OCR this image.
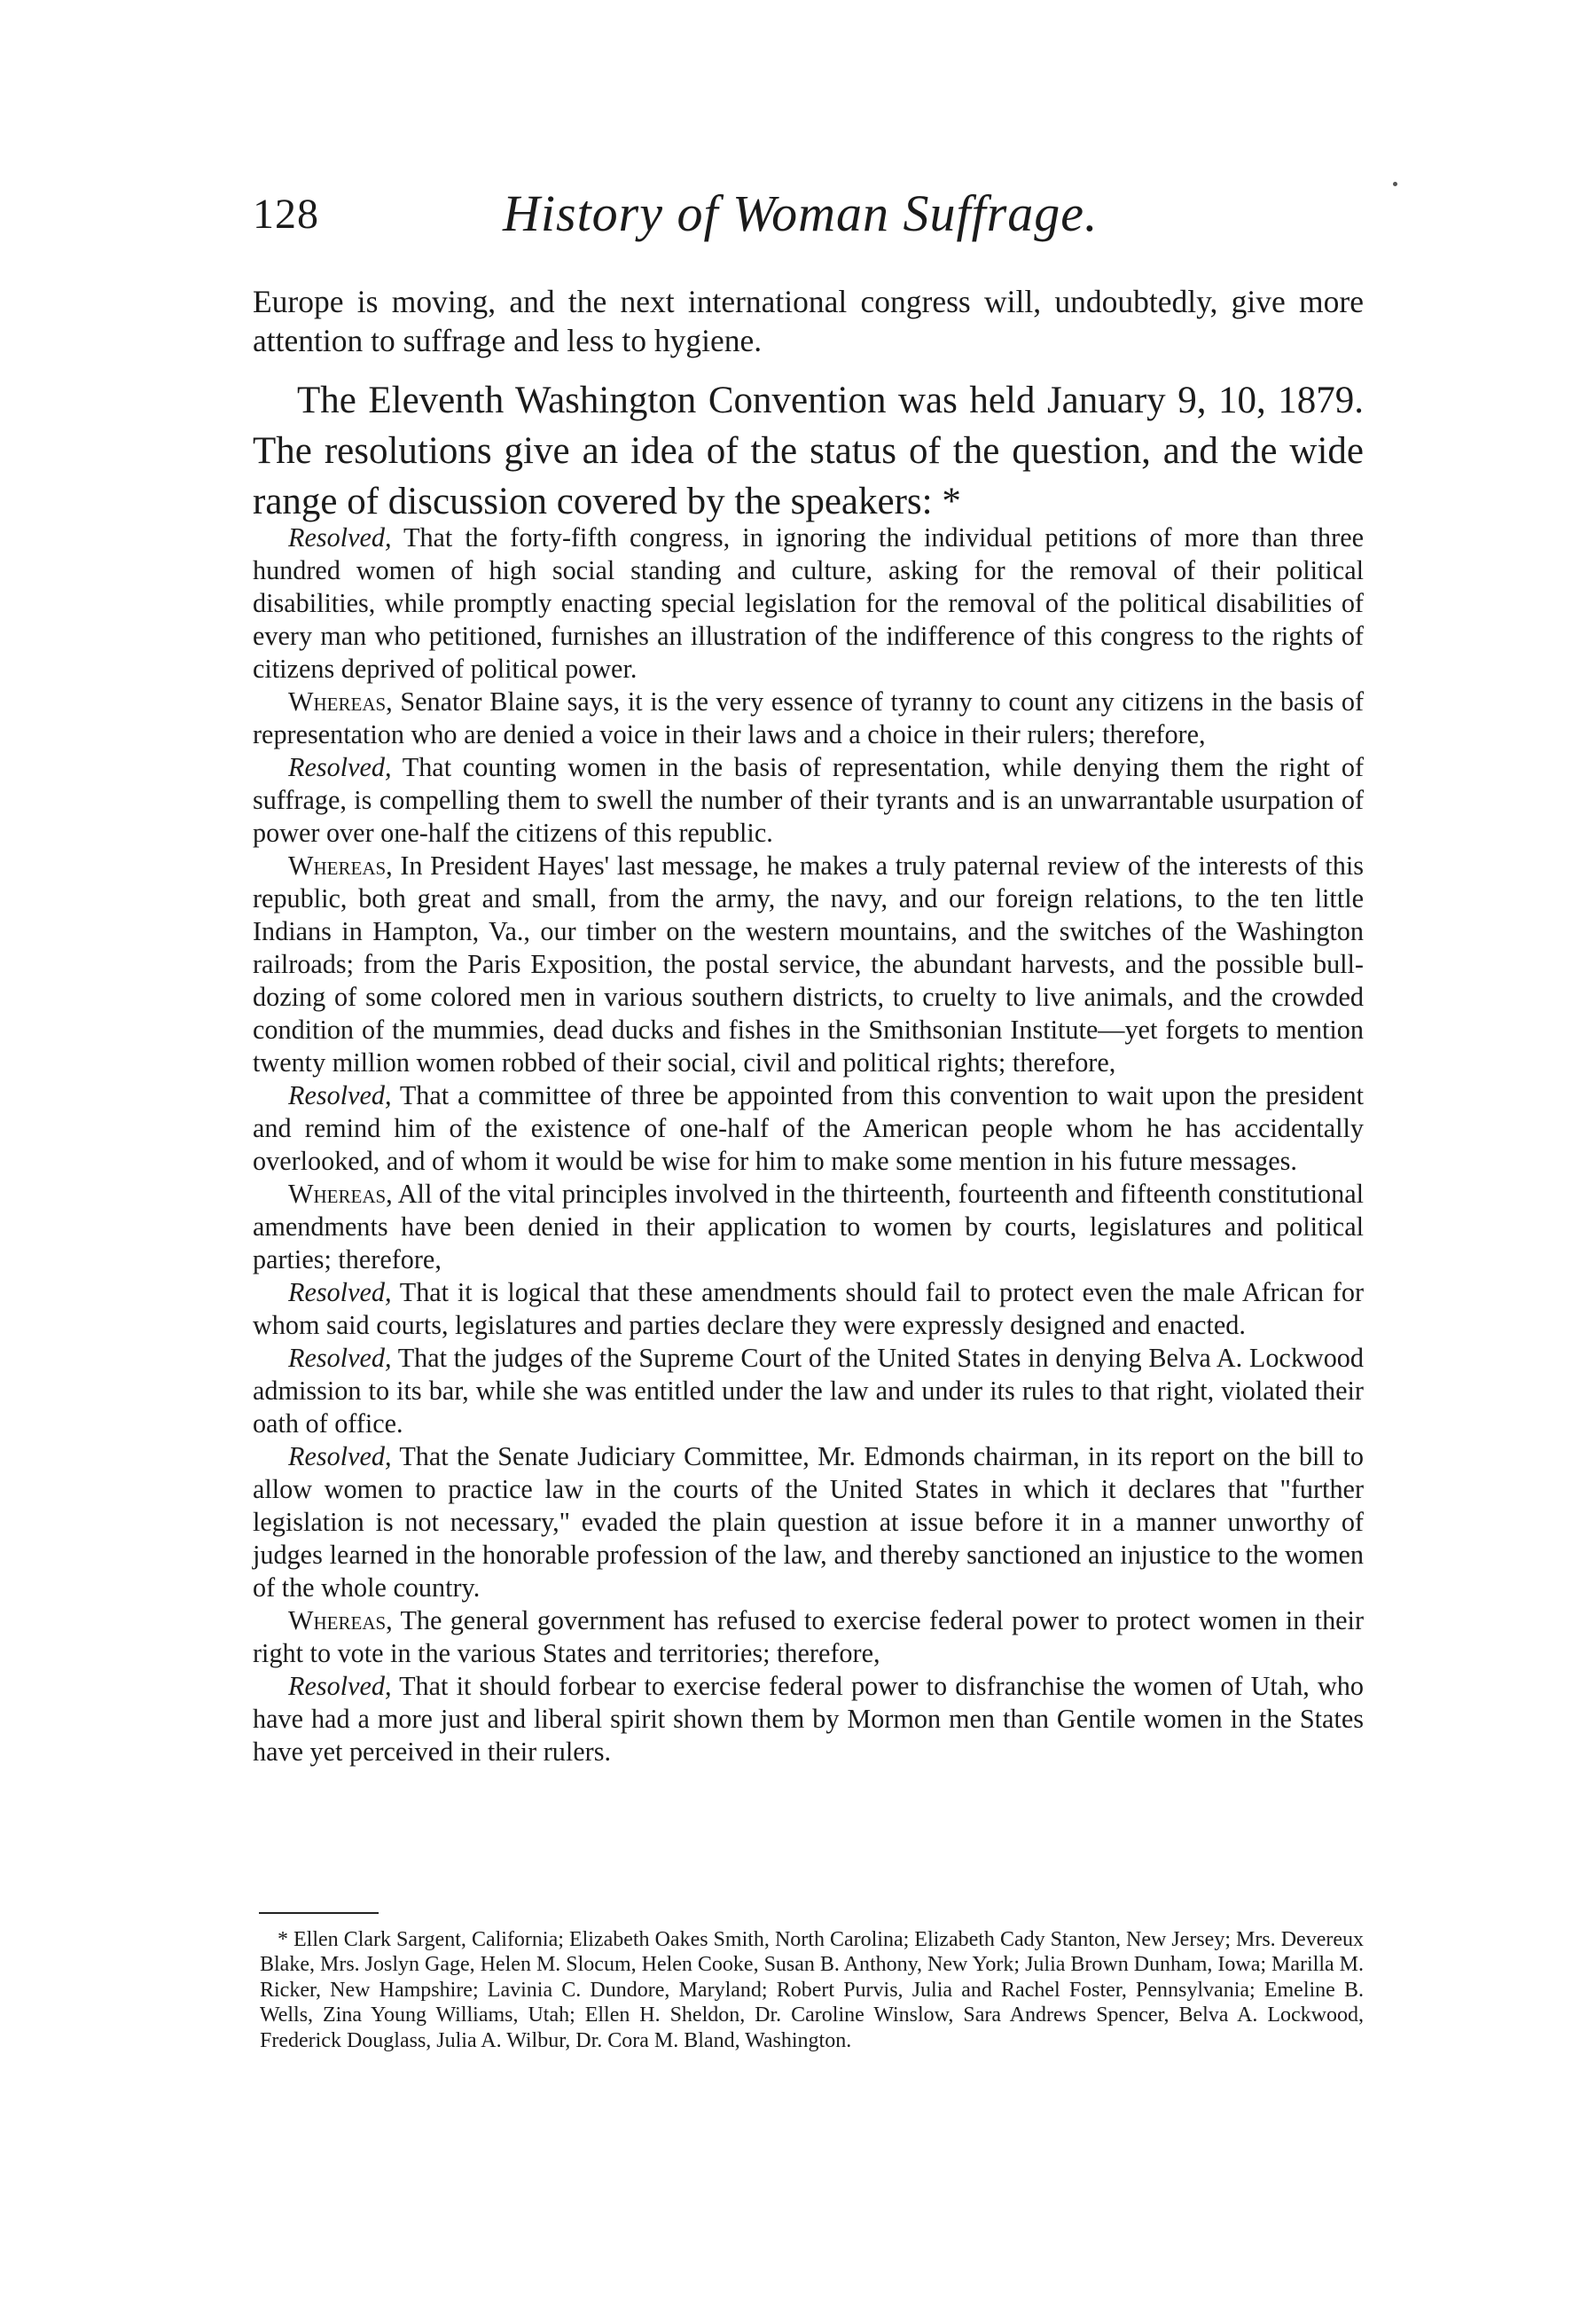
128	History of Woman Suffrage.

Europe is moving, and the next international congress will, undoubtedly, give more attention to suffrage and less to hygiene.

The Eleventh Washington Convention was held January 9, 10, 1879. The resolutions give an idea of the status of the question, and the wide range of discussion covered by the speakers: *

Resolved, That the forty-fifth congress, in ignoring the individual petitions of more than three hundred women of high social standing and culture, asking for the removal of their political disabilities, while promptly enacting special legislation for the removal of the political disabilities of every man who petitioned, furnishes an illustration of the indifference of this congress to the rights of citizens deprived of political power.

Whereas, Senator Blaine says, it is the very essence of tyranny to count any citizens in the basis of representation who are denied a voice in their laws and a choice in their rulers; therefore,

Resolved, That counting women in the basis of representation, while denying them the right of suffrage, is compelling them to swell the number of their tyrants and is an unwarrantable usurpation of power over one-half the citizens of this republic.

Whereas, In President Hayes' last message, he makes a truly paternal review of the interests of this republic, both great and small, from the army, the navy, and our foreign relations, to the ten little Indians in Hampton, Va., our timber on the western mountains, and the switches of the Washington railroads; from the Paris Exposition, the postal service, the abundant harvests, and the possible bull-dozing of some colored men in various southern districts, to cruelty to live animals, and the crowded condition of the mummies, dead ducks and fishes in the Smithsonian Institute—yet forgets to mention twenty million women robbed of their social, civil and political rights; therefore,

Resolved, That a committee of three be appointed from this convention to wait upon the president and remind him of the existence of one-half of the American people whom he has accidentally overlooked, and of whom it would be wise for him to make some mention in his future messages.

Whereas, All of the vital principles involved in the thirteenth, fourteenth and fifteenth constitutional amendments have been denied in their application to women by courts, legislatures and political parties; therefore,

Resolved, That it is logical that these amendments should fail to protect even the male African for whom said courts, legislatures and parties declare they were expressly designed and enacted.

Resolved, That the judges of the Supreme Court of the United States in denying Belva A. Lockwood admission to its bar, while she was entitled under the law and under its rules to that right, violated their oath of office.

Resolved, That the Senate Judiciary Committee, Mr. Edmonds chairman, in its report on the bill to allow women to practice law in the courts of the United States in which it declares that "further legislation is not necessary," evaded the plain question at issue before it in a manner unworthy of judges learned in the honorable profession of the law, and thereby sanctioned an injustice to the women of the whole country.

Whereas, The general government has refused to exercise federal power to protect women in their right to vote in the various States and territories; therefore,

Resolved, That it should forbear to exercise federal power to disfranchise the women of Utah, who have had a more just and liberal spirit shown them by Mormon men than Gentile women in the States have yet perceived in their rulers.

* Ellen Clark Sargent, California; Elizabeth Oakes Smith, North Carolina; Elizabeth Cady Stanton, New Jersey; Mrs. Devereux Blake, Mrs. Joslyn Gage, Helen M. Slocum, Helen Cooke, Susan B. Anthony, New York; Julia Brown Dunham, Iowa; Marilla M. Ricker, New Hampshire; Lavinia C. Dundore, Maryland; Robert Purvis, Julia and Rachel Foster, Pennsylvania; Emeline B. Wells, Zina Young Williams, Utah; Ellen H. Sheldon, Dr. Caroline Winslow, Sara Andrews Spencer, Belva A. Lockwood, Frederick Douglass, Julia A. Wilbur, Dr. Cora M. Bland, Washington.
